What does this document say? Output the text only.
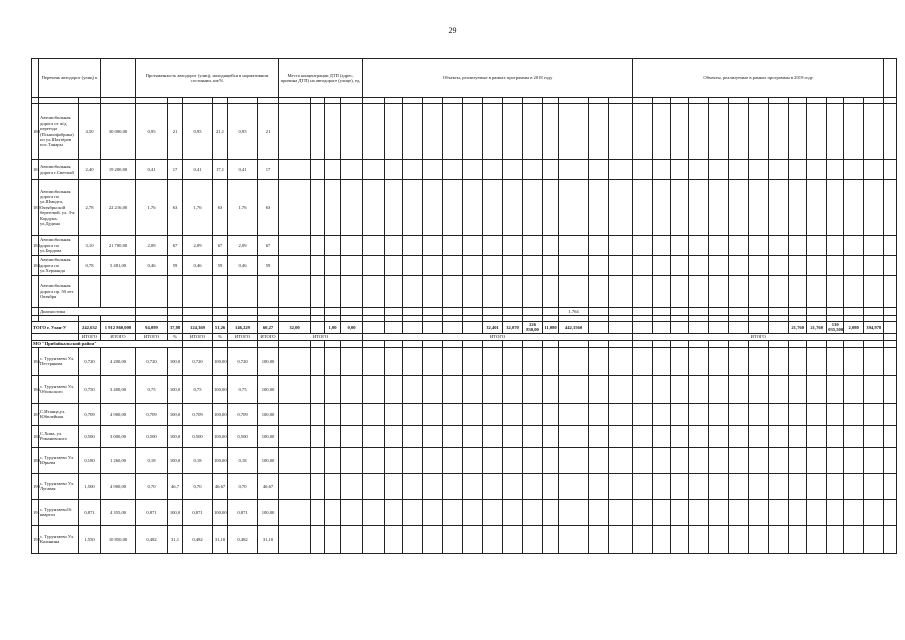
29
	Перечень автодорог (улиц) к			Протяженность автодорог (улиц), находящейся в нормативном состоянии, км/%						Места концентрации ДТП (адрес, причина ДТП) на автодороге (улице), ед.				Объекты, реализуемые в рамках программы в 2018 году													Объекты, реализуемые в рамках программы в 2019 году													

180	Автомобильная дорога от ж/д переезда (Псышофабрика) по ул.Шахтёров пос.Танары	4,50	30 000,00	0,95	21	0,95	21,1	0,95	21																															
181	Автомобильная дорога г.Светлый	2,40	19 200,00	0,41	17	0,41	17,1	0,41	17																															
182	Автомобильная дорога по ул.Шмидта, Октябрьской береговой, ул. З-я Кордуна, ул.Дудина	2,78	22 216,00	1,76	63	1,76	63	1,76	63																															
183	Автомобильная дорога по ул.Бердова	3,10	21 700,00	2,09	67	2,09	67	2,09	67																															
184	Автомобильная дорога по ул.Херманда	0,78	5 481,00	0,46	59	0,46	59	0,46	59																															
	Автомобильная дорога пр. 50 лет Октября																																							
	Диагностика																							1,764																

ТОГО г. Улан-У		242,632	1 912 860,000	94,099	37,88	124,369	51,26	146,229	60,27	32,00		1,00	0,00							32,401	32,070	226 830,00	11,080	442,1560											21,760	21,760	130 035,500	2,080	394,978	
		ИТОГО	ИТОГО	ИТОГО	%	ИТОГО	%	ИТОГО	ИТОГО	ИТОГО				ИТОГО													ИТОГО													
МО "Прибайкальский район"																																								
185	с. Турунтаево Ул. Пестрякова	0,720	4 200,00	0,720	100,0	0,720	100,00	0,720	100,00																															
186	с. Турунтаево Ул. Обольского	0,750	3 400,00	0,75	100,0	0,75	100,00	0,75	100,00																															
187	С.Итанца,ул. Юбилейная	0,709	4 900,00	0,709	100,0	0,709	100,00	0,709	100,00																															
188	С.Хома, ул. Романовского	0,500	3 000,00	0,500	100,0	0,500	100,00	0,500	100,00																															
189	с. Турунтаево Ул. Юрьева	0,180	1 260,00	0,18	100,0	0,18	100,00	0,18	100,00																															
190	с. Турунтаево Ул. Лугавая	1,500	4 900,00	0,70	46,7	0,70	46,67	0,70	46,67																															
191	с. Турунтаево16 квартал	0,871	4 355,00	0,871	100,0	0,871	100,00	0,871	100,00																															
192	с. Турунтаево Ул. Калинина	1,550	10 850,00	0,482	31,1	0,482	31,10	0,482	31,10																															
